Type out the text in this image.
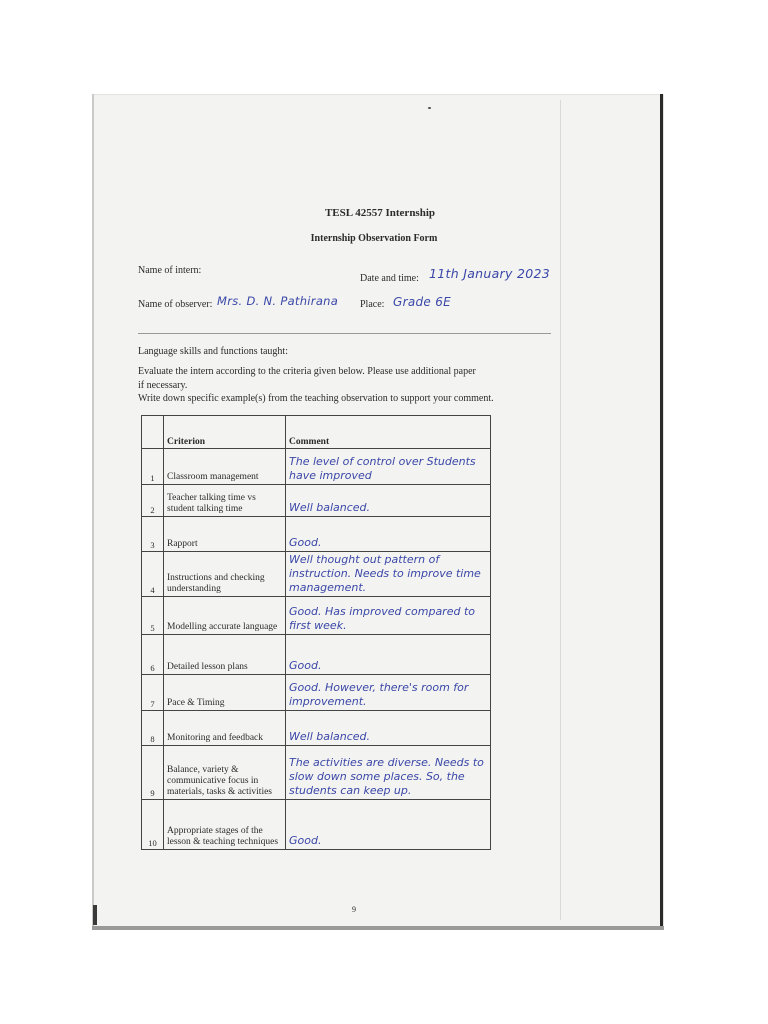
TESL 42557 Internship
Internship Observation Form
Name of intern:
Date and time: 11th January 2023
Name of observer: Mrs. D. N. Pathirana Place: Grade 6E
Language skills and functions taught:
Evaluate the intern according to the criteria given below. Please use additional paper
if necessary.
Write down specific example(s) from the teaching observation to support your comment.
	Criterion	Comment
1	Classroom management	The level of control over Students have improved
2	Teacher talking time vs student talking time	Well balanced.
3	Rapport	Good.
4	Instructions and checking understanding	Well thought out pattern of instruction. Needs to improve time management.
5	Modelling accurate language	Good. Has improved compared to first week.
6	Detailed lesson plans	Good.
7	Pace & Timing	Good. However, there's room for improvement.
8	Monitoring and feedback	Well balanced.
9	Balance, variety & communicative focus in materials, tasks & activities	The activities are diverse. Needs to slow down some places. So, the students can keep up.
10	Appropriate stages of the lesson & teaching techniques	Good.
9
